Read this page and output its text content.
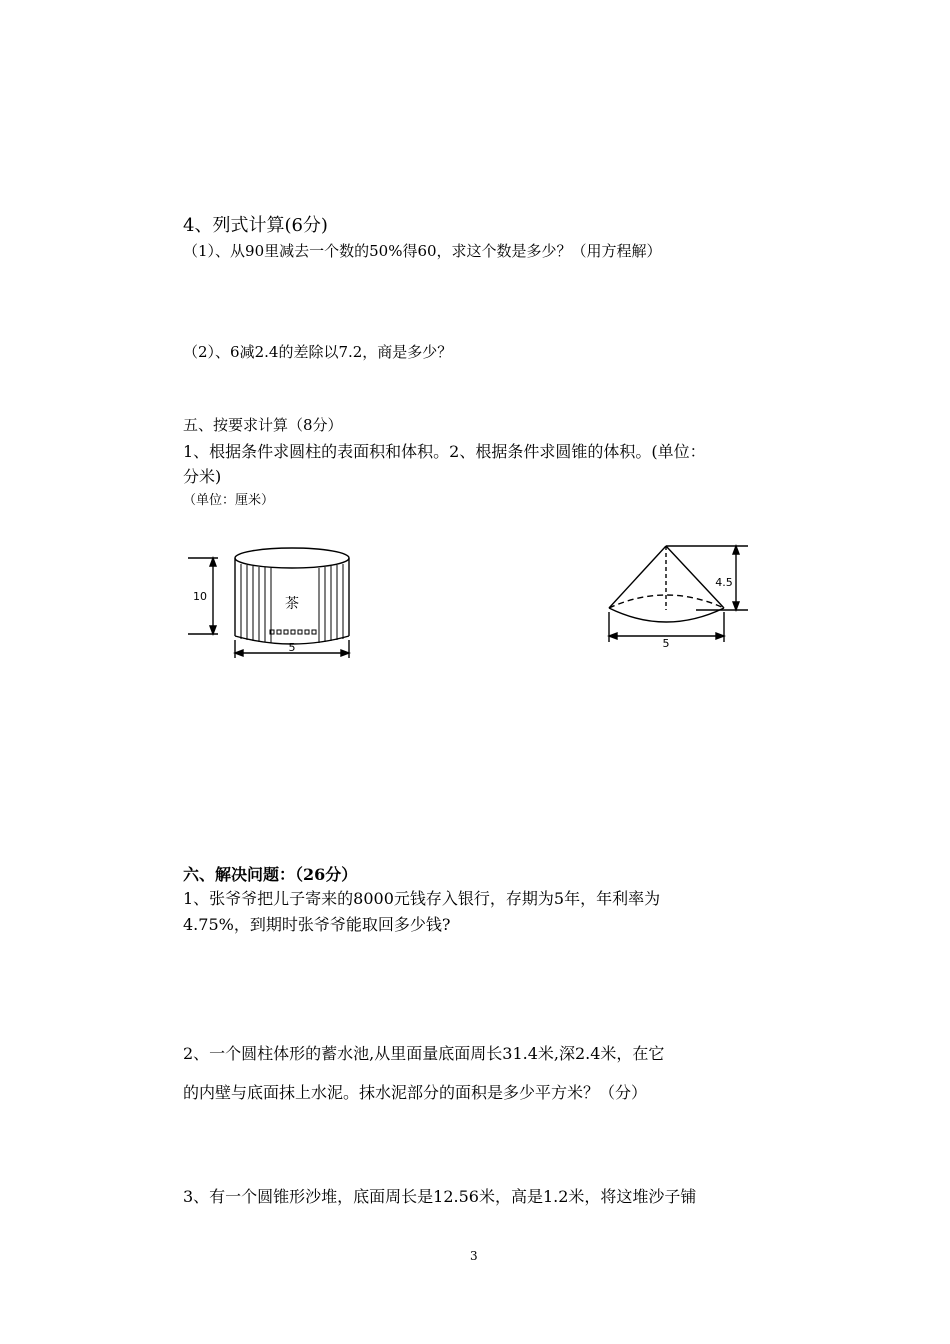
4、列式计算(6分)
（1）、从90里减去一个数的50%得60，求这个数是多少？（用方程解）
（2）、6减2.4的差除以7.2，商是多少？
五、按要求计算（8分）
1、根据条件求圆柱的表面积和体积。2、根据条件求圆锥的体积。(单位：
分米)
（单位：厘米）
10	茶
5
4.5
5
六、解决问题：（26分）
1、张爷爷把儿子寄来的8000元钱存入银行，存期为5年，年利率为
4.75%，到期时张爷爷能取回多少钱?
2、一个圆柱体形的蓄水池,从里面量底面周长31.4米,深2.4米，在它
的内壁与底面抹上水泥。抹水泥部分的面积是多少平方米？（分）
3、有一个圆锥形沙堆，底面周长是12.56米，高是1.2米，将这堆沙子铺
3
